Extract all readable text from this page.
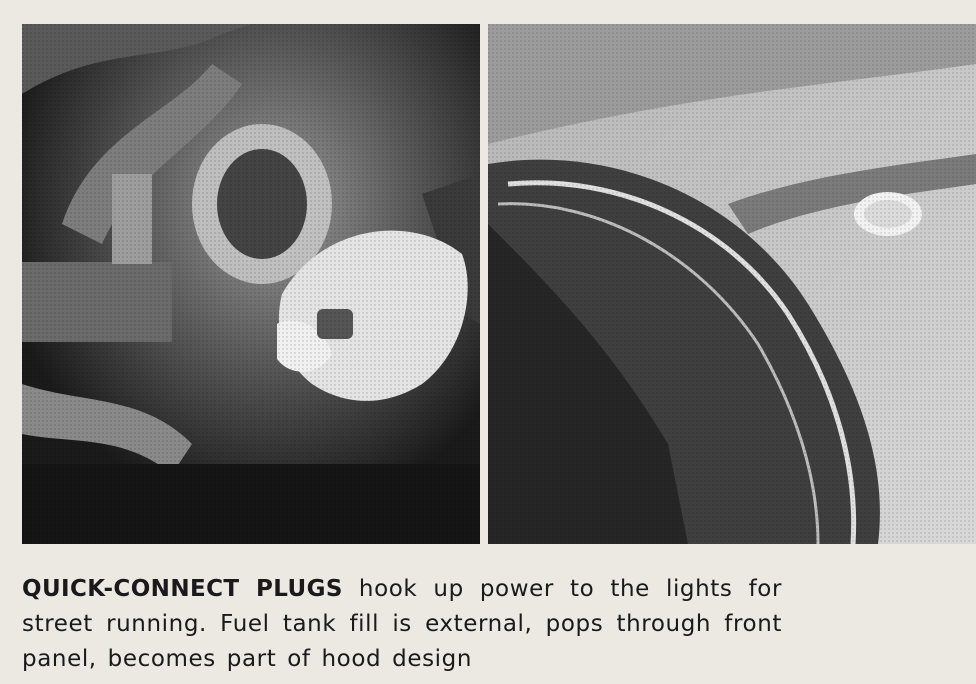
QUICK-CONNECT PLUGS hook up power to the lights for street running. Fuel tank fill is external, pops through front panel, becomes part of hood design
